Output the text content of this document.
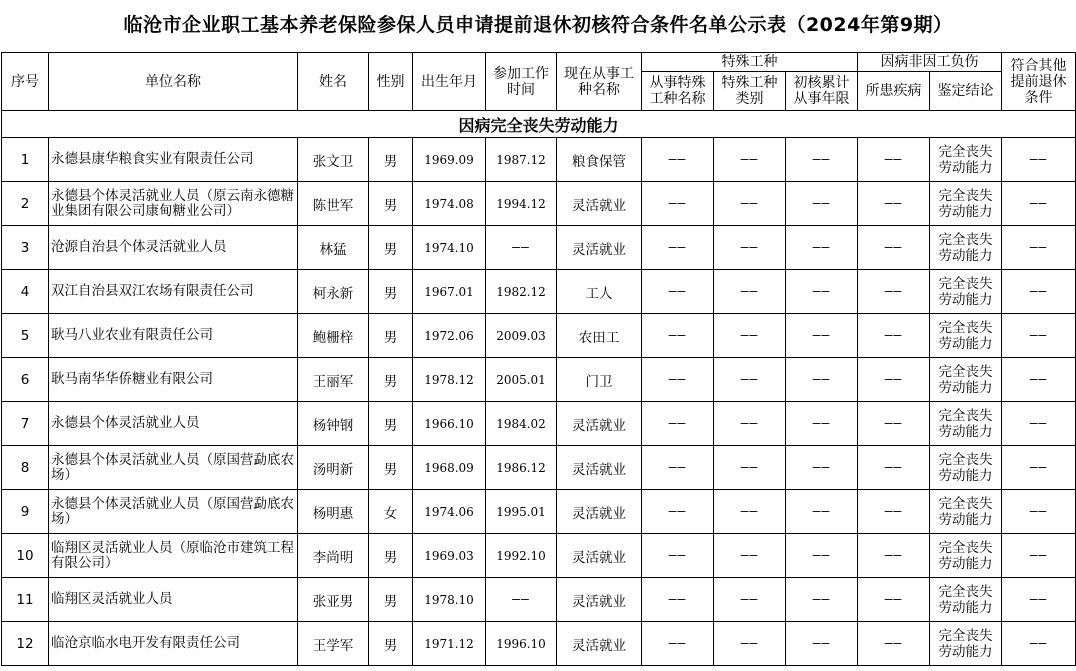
临沧市企业职工基本养老保险参保人员申请提前退休初核符合条件名单公示表（2024年第9期）
序号	单位名称	姓名	性别	出生年月	参加工作时间	现在从事工种名称	特殊工种			因病非因工负伤		符合其他提前退休条件
							从事特殊工种名称	特殊工种类别	初核累计从事年限	所患疾病	鉴定结论	
因病完全丧失劳动能力												
1	永德县康华粮食实业有限责任公司	张文卫	男	1969.09	1987.12	粮食保管	——	——	——	——	完全丧失劳动能力	——
2	永德县个体灵活就业人员（原云南永德糖业集团有限公司康甸糖业公司）	陈世军	男	1974.08	1994.12	灵活就业	——	——	——	——	完全丧失劳动能力	——
3	沧源自治县个体灵活就业人员	林猛	男	1974.10	——	灵活就业	——	——	——	——	完全丧失劳动能力	——
4	双江自治县双江农场有限责任公司	柯永新	男	1967.01	1982.12	工人	——	——	——	——	完全丧失劳动能力	——
5	耿马八业农业有限责任公司	鲍栅梓	男	1972.06	2009.03	农田工	——	——	——	——	完全丧失劳动能力	——
6	耿马南华华侨糖业有限公司	王丽军	男	1978.12	2005.01	门卫	——	——	——	——	完全丧失劳动能力	——
7	永德县个体灵活就业人员	杨钟钢	男	1966.10	1984.02	灵活就业	——	——	——	——	完全丧失劳动能力	——
8	永德县个体灵活就业人员（原国营勐底农场）	汤明新	男	1968.09	1986.12	灵活就业	——	——	——	——	完全丧失劳动能力	——
9	永德县个体灵活就业人员（原国营勐底农场）	杨明惠	女	1974.06	1995.01	灵活就业	——	——	——	——	完全丧失劳动能力	——
10	临翔区灵活就业人员（原临沧市建筑工程有限公司）	李尚明	男	1969.03	1992.10	灵活就业	——	——	——	——	完全丧失劳动能力	——
11	临翔区灵活就业人员	张亚男	男	1978.10	——	灵活就业	——	——	——	——	完全丧失劳动能力	——
12	临沧京临水电开发有限责任公司	王学军	男	1971.12	1996.10	灵活就业	——	——	——	——	完全丧失劳动能力	——
